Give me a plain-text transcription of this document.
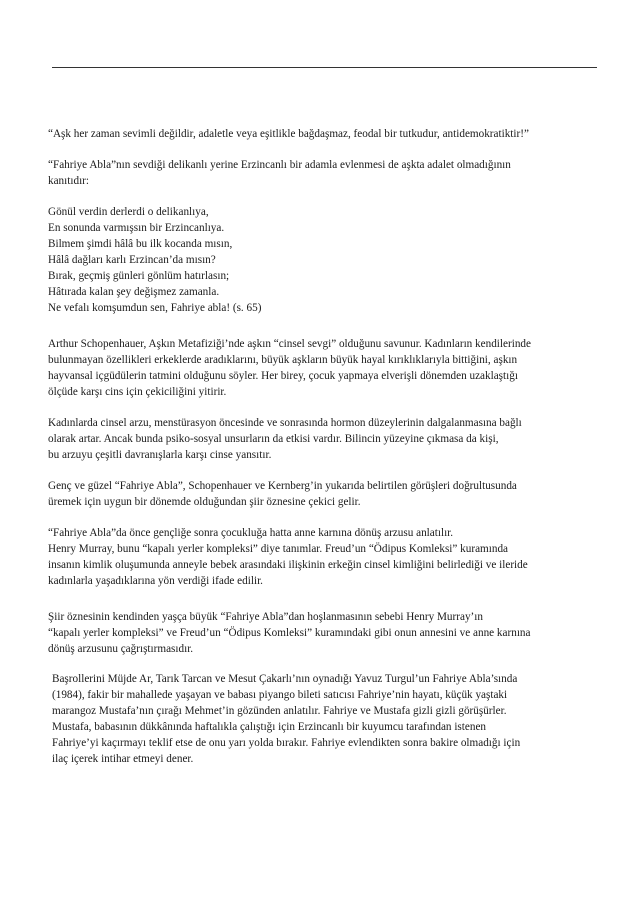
“Aşk her zaman sevimli değildir, adaletle veya eşitlikle bağdaşmaz, feodal bir tutkudur, antidemokratiktir!”
“Fahriye Abla”nın sevdiği delikanlı yerine Erzincanlı bir adamla evlenmesi de aşkta adalet olmadığının
kanıtıdır:
Gönül verdin derlerdi o delikanlıya,
En sonunda varmışsın bir Erzincanlıya.
Bilmem şimdi hâlâ bu ilk kocanda mısın,
Hâlâ dağları karlı Erzincan’da mısın?
Bırak, geçmiş günleri gönlüm hatırlasın;
Hâtırada kalan şey değişmez zamanla.
Ne vefalı komşumdun sen, Fahriye abla! (s. 65)
Arthur Schopenhauer, Aşkın Metafiziği’nde aşkın “cinsel sevgi” olduğunu savunur. Kadınların kendilerinde
bulunmayan özellikleri erkeklerde aradıklarını, büyük aşkların büyük hayal kırıklıklarıyla bittiğini, aşkın
hayvansal içgüdülerin tatmini olduğunu söyler. Her birey, çocuk yapmaya elverişli dönemden uzaklaştığı
ölçüde karşı cins için çekiciliğini yitirir.
Kadınlarda cinsel arzu, menstürasyon öncesinde ve sonrasında hormon düzeylerinin dalgalanmasına bağlı
olarak artar. Ancak bunda psiko-sosyal unsurların da etkisi vardır. Bilincin yüzeyine çıkmasa da kişi,
bu arzuyu çeşitli davranışlarla karşı cinse yansıtır.
Genç ve güzel “Fahriye Abla”, Schopenhauer ve Kernberg’in yukarıda belirtilen görüşleri doğrultusunda
üremek için uygun bir dönemde olduğundan şiir öznesine çekici gelir.
“Fahriye Abla”da önce gençliğe sonra çocukluğa hatta anne karnına dönüş arzusu anlatılır.
Henry Murray, bunu “kapalı yerler kompleksi” diye tanımlar. Freud’un “Ödipus Komleksi” kuramında
insanın kimlik oluşumunda anneyle bebek arasındaki ilişkinin erkeğin cinsel kimliğini belirlediği ve ileride
kadınlarla yaşadıklarına yön verdiği ifade edilir.
Şiir öznesinin kendinden yaşça büyük “Fahriye Abla”dan hoşlanmasının sebebi Henry Murray’ın
“kapalı yerler kompleksi” ve Freud’un “Ödipus Komleksi” kuramındaki gibi onun annesini ve anne karnına
dönüş arzusunu çağrıştırmasıdır.
Başrollerini Müjde Ar, Tarık Tarcan ve Mesut Çakarlı’nın oynadığı Yavuz Turgul’un Fahriye Abla’sında
(1984), fakir bir mahallede yaşayan ve babası piyango bileti satıcısı Fahriye’nin hayatı, küçük yaştaki
marangoz Mustafa’nın çırağı Mehmet’in gözünden anlatılır. Fahriye ve Mustafa gizli gizli görüşürler.
Mustafa, babasının dükkânında haftalıkla çalıştığı için Erzincanlı bir kuyumcu tarafından istenen
Fahriye’yi kaçırmayı teklif etse de onu yarı yolda bırakır. Fahriye evlendikten sonra bakire olmadığı için
ilaç içerek intihar etmeyi dener.
